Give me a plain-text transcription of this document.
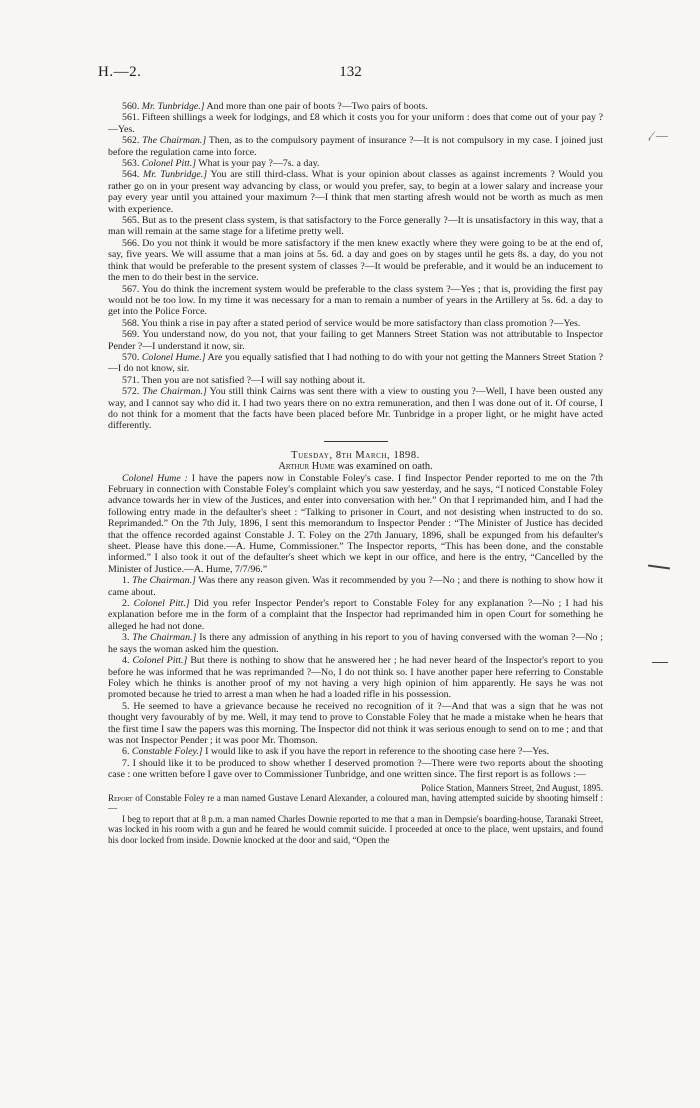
H.—2.	132

560. Mr. Tunbridge.] And more than one pair of boots ?—Two pairs of boots.

561. Fifteen shillings a week for lodgings, and £8 which it costs you for your uniform : does that come out of your pay ?—Yes.

562. The Chairman.] Then, as to the compulsory payment of insurance ?—It is not compulsory in my case. I joined just before the regulation came into force.

563. Colonel Pitt.] What is your pay ?—7s. a day.

564. Mr. Tunbridge.] You are still third-class. What is your opinion about classes as against increments ? Would you rather go on in your present way advancing by class, or would you prefer, say, to begin at a lower salary and increase your pay every year until you attained your maximum ?—I think that men starting afresh would not be worth as much as men with experience.

565. But as to the present class system, is that satisfactory to the Force generally ?—It is unsatisfactory in this way, that a man will remain at the same stage for a lifetime pretty well.

566. Do you not think it would be more satisfactory if the men knew exactly where they were going to be at the end of, say, five years. We will assume that a man joins at 5s. 6d. a day and goes on by stages until he gets 8s. a day, do you not think that would be preferable to the present system of classes ?—It would be preferable, and it would be an inducement to the men to do their best in the service.

567. You do think the increment system would be preferable to the class system ?—Yes ; that is, providing the first pay would not be too low. In my time it was necessary for a man to remain a number of years in the Artillery at 5s. 6d. a day to get into the Police Force.

568. You think a rise in pay after a stated period of service would be more satisfactory than class promotion ?—Yes.

569. You understand now, do you not, that your failing to get Manners Street Station was not attributable to Inspector Pender ?—I understand it now, sir.

570. Colonel Hume.] Are you equally satisfied that I had nothing to do with your not getting the Manners Street Station ?—I do not know, sir.

571. Then you are not satisfied ?—I will say nothing about it.

572. The Chairman.] You still think Cairns was sent there with a view to ousting you ?—Well, I have been ousted any way, and I cannot say who did it. I had two years there on no extra remuneration, and then I was done out of it. Of course, I do not think for a moment that the facts have been placed before Mr. Tunbridge in a proper light, or he might have acted differently.

Tuesday, 8th March, 1898.

Arthur Hume was examined on oath.

Colonel Hume : I have the papers now in Constable Foley's case. I find Inspector Pender reported to me on the 7th February in connection with Constable Foley's complaint which you saw yesterday, and he says, “I noticed Constable Foley advance towards her in view of the Justices, and enter into conversation with her.” On that I reprimanded him, and I had the following entry made in the defaulter's sheet : “Talking to prisoner in Court, and not desisting when instructed to do so. Reprimanded.” On the 7th July, 1896, I sent this memorandum to Inspector Pender : “The Minister of Justice has decided that the offence recorded against Constable J. T. Foley on the 27th January, 1896, shall be expunged from his defaulter's sheet. Please have this done.—A. Hume, Commissioner.” The Inspector reports, “This has been done, and the constable informed.” I also took it out of the defaulter's sheet which we kept in our office, and here is the entry, “Cancelled by the Minister of Justice.—A. Hume, 7/7/96.”

1. The Chairman.] Was there any reason given. Was it recommended by you ?—No ; and there is nothing to show how it came about.

2. Colonel Pitt.] Did you refer Inspector Pender's report to Constable Foley for any explanation ?—No ; I had his explanation before me in the form of a complaint that the Inspector had reprimanded him in open Court for something he alleged he had not done.

3. The Chairman.] Is there any admission of anything in his report to you of having conversed with the woman ?—No ; he says the woman asked him the question.

4. Colonel Pitt.] But there is nothing to show that he answered her ; he had never heard of the Inspector's report to you before he was informed that he was reprimanded ?—No, I do not think so. I have another paper here referring to Constable Foley which he thinks is another proof of my not having a very high opinion of him apparently. He says he was not promoted because he tried to arrest a man when he had a loaded rifle in his possession.

5. He seemed to have a grievance because he received no recognition of it ?—And that was a sign that he was not thought very favourably of by me. Well, it may tend to prove to Constable Foley that he made a mistake when he hears that the first time I saw the papers was this morning. The Inspector did not think it was serious enough to send on to me ; and that was not Inspector Pender ; it was poor Mr. Thomson.

6. Constable Foley.] I would like to ask if you have the report in reference to the shooting case here ?—Yes.

7. I should like it to be produced to show whether I deserved promotion ?—There were two reports about the shooting case : one written before I gave over to Commissioner Tunbridge, and one written since. The first report is as follows :—

Police Station, Manners Street, 2nd August, 1895.

Report of Constable Foley re a man named Gustave Lenard Alexander, a coloured man, having attempted suicide by shooting himself :—

I beg to report that at 8 p.m. a man named Charles Downie reported to me that a man in Dempsie's boarding-house, Taranaki Street, was locked in his room with a gun and he feared he would commit suicide. I proceeded at once to the place, went upstairs, and found his door locked from inside. Downie knocked at the door and said, “Open the

,⁄ —
